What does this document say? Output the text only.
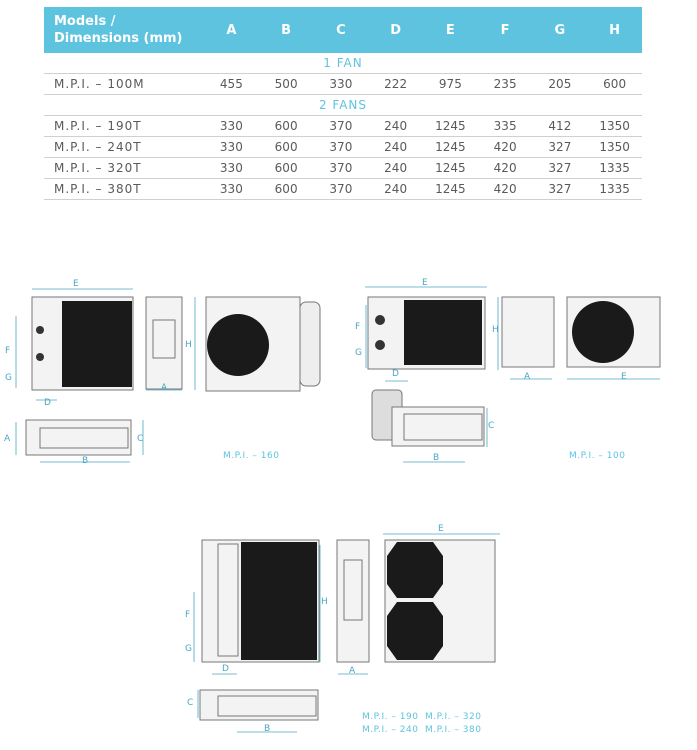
Models /
Dimensions (mm)
A	B	C	D	E	F	G	H
1 FAN
M.P.I. – 100M	455	500	330	222	975	235	205	600
2 FANS
M.P.I. – 190T	330	600	370	240	1245	335	412	1350
M.P.I. – 240T	330	600	370	240	1245	420	327	1350
M.P.I. – 320T	330	600	370	240	1245	420	327	1335
M.P.I. – 380T	330	600	370	240	1245	420	327	1335
E
F
G
D
A
B
C
H
A
E
F
G
D
H
A	E
C
B
E
F
G
H
D	A
C
B
M.P.I. – 160	M.P.I. – 100
M.P.I. – 190 M.P.I. – 320
M.P.I. – 240 M.P.I. – 380
